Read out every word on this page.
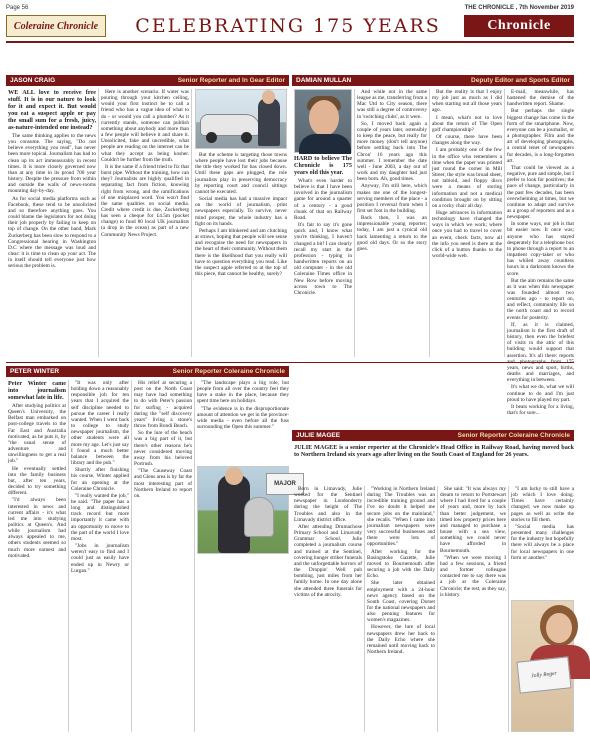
Page 56	THE CHRONICLE , 7th November 2019
Coleraine Chronicle	CELEBRATING 175 YEARS	Chronicle
JASON CRAIG	Senior Reporter and In Gear Editor

WE ALL love to receive free stuff. It is in our nature to look for it and expect it. But would you eat a suspect apple or pay the small sum for a fresh, juicy, as-nature-intended one instead?

The same thinking applies to the news you consume. The saying, "Do not believe everything you read", has never been more topical. Journalism has had to clean up its act immeasurably in recent times. It is more closely governed now than at any time in its proud 700 year history. Despite the pressure from within and outside the walls of news-rooms mounting day-by-day.

As for social media platforms such as Facebook, these tend to be unsolicited and so therefore anything goes. You could blame the legislators for not doing their job properly by failing to keep on top of change. On the other hand, Mark Zuckerberg has been slow to respond to a Congressional hearing in Washington D.C where the message was loud and clear: it is time to clean up your act. The in itself should tell everyone just how serious the problem is.

Here is another scenario. If water was pouring through your kitchen ceiling, would your first instinct be to call a friend who has a vague idea of what to do - or would you call a plumber? As it currently stands, someone can publish something about anybody and more than a few people will believe it and share it. Unsolicited, fake and uncredible, what people are reading on the internet can be what they accept as being kosher. Couldn't be further from the truth.

It is the same if a friend tried to fix that burst pipe. Without the training, how can they? Journalists are highly qualified in separating fact from fiction, knowing right from wrong, and the ramifications of one misplaced word. You won't find the same qualities on social media. Credit where credit is due, Zuckerberg has seen a cheque for £4.5m (pocket change) to fund 80 local UK journalists (a drop in the ocean) as part of a new Community News Project.

But the scheme is targeting those towns where people have lost their jobs because the title they worked for has closed down. Until these gaps are plugged, the role journalists play in preserving democracy by reporting court and council sittings cannot be executed.

Social media has had a massive impact on the world of journalism, print newspapers especially. To survive, never mind prosper, the whole industry has a fight on its hands.

Perhaps I am blinkered and am clutching at straws, hoping that people will see sense and recognise the need for newspapers in the heart of their community. Without them there is the likelihood that you really will have to question everything you read. Like the suspect apple referred to at the top of this piece, that cannot be healthy, surely?

DAMIAN MULLAN	Deputy Editor and Sports Editor

HARD to believe The Chronicle is 175 years old this year.

What's even harder to believe is that I have been involved in the journalism game for around a quarter of a century - a good chunk of that on Railway Road.

It's fair to say it's gone quick and, I know what you're thinking, I haven't changed a bit! I can clearly recall my start in the profession - typing in handwritten reports on an old computer - in the old Coleraine Times office in New Row before moving across town to The Chronicle.

And while not in the same league as me, transferring from a Mac Utd to City season, there was still a degree of controversy in 'switching clubs', as it were.

So, I moved back again a couple of years later, ostensibly to keep the peace, but really for more money (don't tell anyone) before settling back into The Chron' 16 years ago this summer. I remember the date well - June 2003, a day out of work and my daughter had just been born. Ah, good times.

Anyway, I'm still here, which makes me one of the longest-serving members of the place - a position I reversal from when I first set foot in the building.

Back then, I was an impressionable young reporter; today, I am just a cynical old hack lamenting a return to the good old days. Or so the story goes.

But the reality is that I enjoy my job just as much as I did when starting out all those years ago.

I mean, what's not to love about the return of The Open golf championship?

Of course, there have been changes along the way.

I am probably one of the few in the office who remembers a time when the paper was printed just round the corner in Mill Street, the style was broad sheet, not tabloid, and floppy discs were a means of storing information and not a medical condition brought on by sitting on a rocky chair all day.

Huge advances in information technology have changed the ways in which we work; where once you had to travel to cover an event, check facts, now all the info you need is there at the click of a button thanks to the world-wide web.

E-mail, meanwhile, has hastened the demise of the handwritten report. Shame.

But perhaps the single biggest change has come in the form of the smartphone. Now, everyone can be a journalist, or a photographer. Film and the art of developing photographs, a central tenet of newspapers for decades, is a long-forgotten art.

That could be viewed as a negative, pure and simple, but I prefer to look for positives; the pace of change, particularly in the past few decades, has been overwhelming at times, but we continue to adapt and survive as a group of reporters and as a newspaper.

In some ways, our job is that bit easier now. It once was; anyone who has stayed desperately for a telephone box to phone through a report to an impatient copy-taker or who has whiled away countless hours in a darkroom knows the score.

But the aim remains the same as it was when this newspaper was founded almost two centuries ago - to report on, and reflect, community life on the north coast and to record events for posterity.

If, as it is claimed, journalism is the first draft of history, then even the briefest of visits to the attic of this building would support that assertion. It's all there: reports years, news and sport, births, deaths and marriages, and everything in between.

It's what we do, what we will continue to do and I'm just proud to have played my part.

It beats working for a living, that's for sure...

PETER WINTER	Senior Reporter Coleraine Chronicle

Peter Winter came into journalism somewhat late in life.

After studying politics at Queen's University, the Belfast man embarked on post-college travels to the Far East and Australia motivated, as he puts it, by "the usual sense of adventure and unwillingness to get a real job."

He eventually settled into the family business but, after ten years, decided to try something different.

"I'd always been interested in news and current affairs - it's what led me into studying politics at Queen's. And while journalism had always appealed to me, others students seemed so much more earnest and motivated.

"It was only after holding down a reasonably responsible job for ten years that I acquired the self discipline needed to pursue the career I really wanted. When I went back to college to study newspaper journalism, the other students were all more my age. Let's just say I found a much better balance between the library and the pub."

Shortly after finishing his course, Winter applied for an opening at the Coleraine Chronicle.

"I really wanted the job," he said. "The paper has a long and distinguished track record but more importantly it came with an opportunity to move to the part of the world I love most.

"Jobs in journalism weren't easy to find and I could just as easily have ended up in Newry or Lurgan."

His relief at securing a post on the North Coast may have had something to do with Peter's passion for surfing - acquired during the "self discovery years" living a stone's throw from Bondi Beach.

So the lure of the beach was a big part of it, but there's other reasons he's never considered moving away from his beloved Portrush.

"The Causeway Coast and Glens area is by far the most interesting part of Northern Ireland to report on.

"The landscape plays a big role, but people from all over the country feel they have a stake in the place, because they spent time here on holidays.

"The evidence is in the disproportionate amount of attention we get in the province-wide media - even before all the fuss surrounding the Open this summer."

MAJOR
JULIE MAGEE	Senior Reporter Coleraine Chronicle

JULIE MAGEE is a senior reporter at the Chronicle's Head Office in Railway Road, having moved back to Northern Ireland six years ago after living on the South Coast of England for 26 years.

Born in Limavady, Julie worked for the Sentinel newspaper in Londonderry during the height of The Troubles and also in the Limavady district office.

After attending Drumachose Primary School and Limavady Grammar School, Julie completed a journalism course and trained at the Sentinel, covering hunger striker funerals and the unforgettable horrors of the Droppin' Well pub bombing, just miles from her family home. In one day alone she attended three funerals for victims of the atrocity.

"Working in Northern Ireland during The Troubles was an incredible training ground and I've no doubt it helped me secure jobs on the mainland," she recalls. "When I came into journalism newspapers were very successful businesses and there were lots of opportunities."

After working for the Basingstoke Gazette, Julie moved to Bournemouth after securing a job with the Daily Echo.

She later obtained employment with a 24-hour news agency based on the South Coast, covering Dorset for the national newspapers and also penning features for women's magazines.

However, the lure of local newspapers drew her back to the Daily Echo where she remained until moving back to Northern Ireland.

She said: "It was always my dream to return to Portstewart where I had lived for a couple of years and, more by luck than better judgement, we timed low property prices here and managed to purchase a house with a sea view, something we could never have afforded in Bournemouth.

"When we were moving I had a few sessions, a friend and former colleague contacted me to say there was a job at the Coleraine Chronicle; the rest, as they say, is history.

"I am lucky to still have a job which I love doing. Times have certainly changed; we now make up pages as well as write the stories to fill them.

"Social media has presented many challenges for the industry but hopefully there will always be a place for local newspapers in one form or another."

Jolly Roger
